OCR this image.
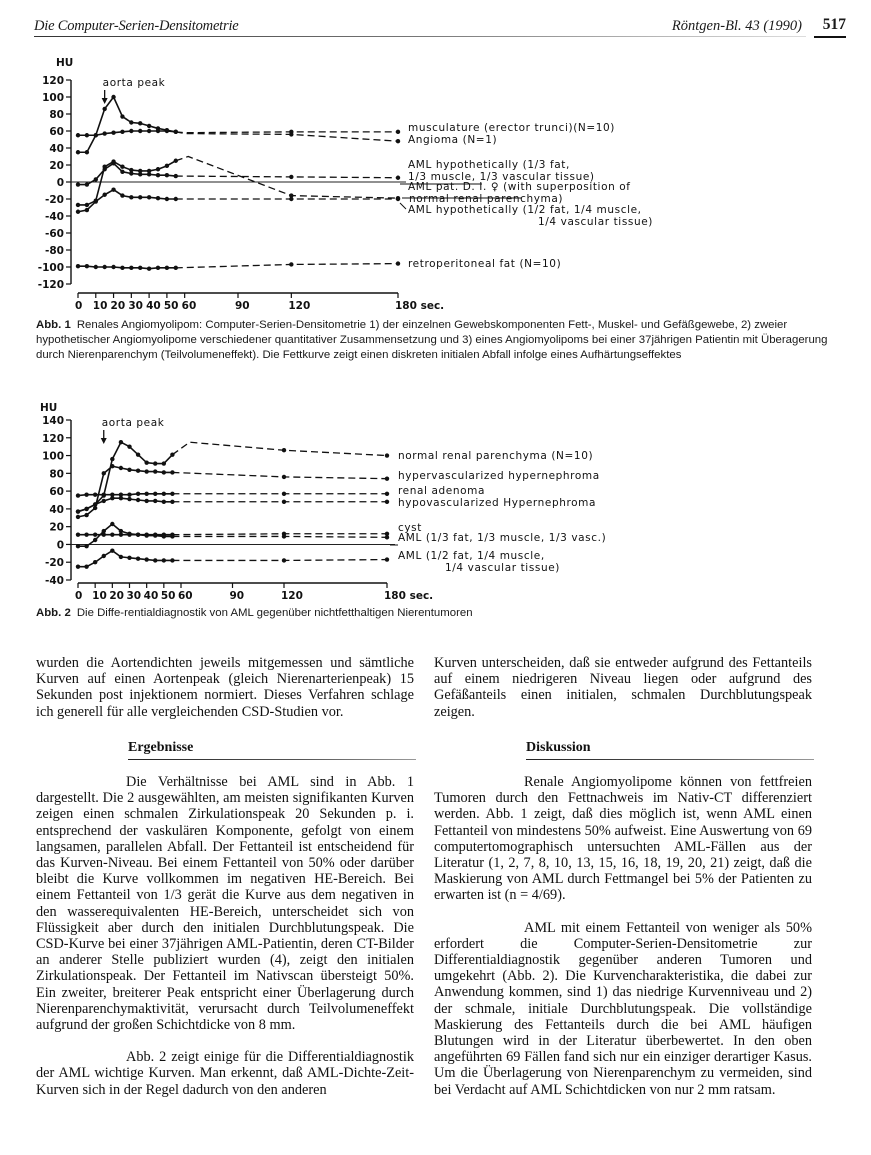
Die Computer-Serien-Densitometrie	Röntgen-Bl. 43 (1990) 517
HU
120
100
80
60
40
20
0
-20
-40
-60
-80
-100
-120
0 10 20 30 40 50 60	90	120	180 sec.
aorta peak
musculature (erector trunci)(N=10)
Angioma (N=1)
AML hypothetically (1/3 fat,
1/3 muscle, 1/3 vascular tissue)
AML pat. D. I. ♀ (with superposition of
normal renal parenchyma)
AML hypothetically (1/2 fat, 1/4 muscle,
1/4 vascular tissue)
retroperitoneal fat (N=10)
Abb. 1 Renales Angiomyolipom: Computer-Serien-Densitometrie 1) der einzelnen Gewebskomponenten Fett-, Muskel- und Gefäßgewebe, 2) zweier hypothetischer Angiomyolipome verschiedener quantitativer Zusammensetzung und 3) eines Angiomyolipoms bei einer 37jährigen Patientin mit Überagerung durch Nierenparenchym (Teilvolumeneffekt). Die Fettkurve zeigt einen diskreten initialen Abfall infolge eines Aufhärtungseffektes
HU
140
120
100
80
60
40
20
0
-20
-40
0 10 20 30 40 50 60	90	120	180 sec.
aorta peak
normal renal parenchyma (N=10)
hypervascularized hypernephroma
renal adenoma
hypovascularized Hypernephroma
cyst
AML (1/3 fat, 1/3 muscle, 1/3 vasc.)
AML (1/2 fat, 1/4 muscle,
1/4 vascular tissue)
Abb. 2 Die Diffe-rentialdiagnostik von AML gegenüber nichtfetthaltigen Nierentumoren

wurden die Aortendichten jeweils mitgemessen und sämtliche Kurven auf einen Aortenpeak (gleich Nierenarterienpeak) 15 Sekunden post injektionem normiert. Dieses Verfahren schlage ich generell für alle vergleichenden CSD-Studien vor.

Ergebnisse

Die Verhältnisse bei AML sind in Abb. 1 dargestellt. Die 2 ausgewählten, am meisten signifikanten Kurven zeigen einen schmalen Zirkulationspeak 20 Sekunden p. i. entsprechend der vaskulären Komponente, gefolgt von einem langsamen, parallelen Abfall. Der Fettanteil ist entscheidend für das Kurven-Niveau. Bei einem Fettanteil von 50% oder darüber bleibt die Kurve vollkommen im negativen HE-Bereich. Bei einem Fettanteil von 1/3 gerät die Kurve aus dem negativen in den wasserequivalenten HE-Bereich, unterscheidet sich von Flüssigkeit aber durch den initialen Durchblutungspeak. Die CSD-Kurve bei einer 37jährigen AML-Patientin, deren CT-Bilder an anderer Stelle publiziert wurden (4), zeigt den initialen Zirkulationspeak. Der Fettanteil im Nativscan übersteigt 50%. Ein zweiter, breiterer Peak entspricht einer Überlagerung durch Nierenparenchymaktivität, verursacht durch Teilvolumeneffekt aufgrund der großen Schichtdicke von 8 mm.

Abb. 2 zeigt einige für die Differentialdiagnostik der AML wichtige Kurven. Man erkennt, daß AML-Dichte-Zeit-Kurven sich in der Regel dadurch von den anderen

Kurven unterscheiden, daß sie entweder aufgrund des Fettanteils auf einem niedrigeren Niveau liegen oder aufgrund des Gefäßanteils einen initialen, schmalen Durchblutungspeak zeigen.

Diskussion

Renale Angiomyolipome können von fettfreien Tumoren durch den Fettnachweis im Nativ-CT differenziert werden. Abb. 1 zeigt, daß dies möglich ist, wenn AML einen Fettanteil von mindestens 50% aufweist. Eine Auswertung von 69 computertomographisch untersuchten AML-Fällen aus der Literatur (1, 2, 7, 8, 10, 13, 15, 16, 18, 19, 20, 21) zeigt, daß die Maskierung von AML durch Fettmangel bei 5% der Patienten zu erwarten ist (n = 4/69).

AML mit einem Fettanteil von weniger als 50% erfordert die Computer-Serien-Densitometrie zur Differentialdiagnostik gegenüber anderen Tumoren und umgekehrt (Abb. 2). Die Kurvencharakteristika, die dabei zur Anwendung kommen, sind 1) das niedrige Kurvenniveau und 2) der schmale, initiale Durchblutungspeak. Die vollständige Maskierung des Fettanteils durch die bei AML häufigen Blutungen wird in der Literatur überbewertet. In den oben angeführten 69 Fällen fand sich nur ein einziger derartiger Kasus. Um die Überlagerung von Nierenparenchym zu vermeiden, sind bei Verdacht auf AML Schichtdicken von nur 2 mm ratsam.
